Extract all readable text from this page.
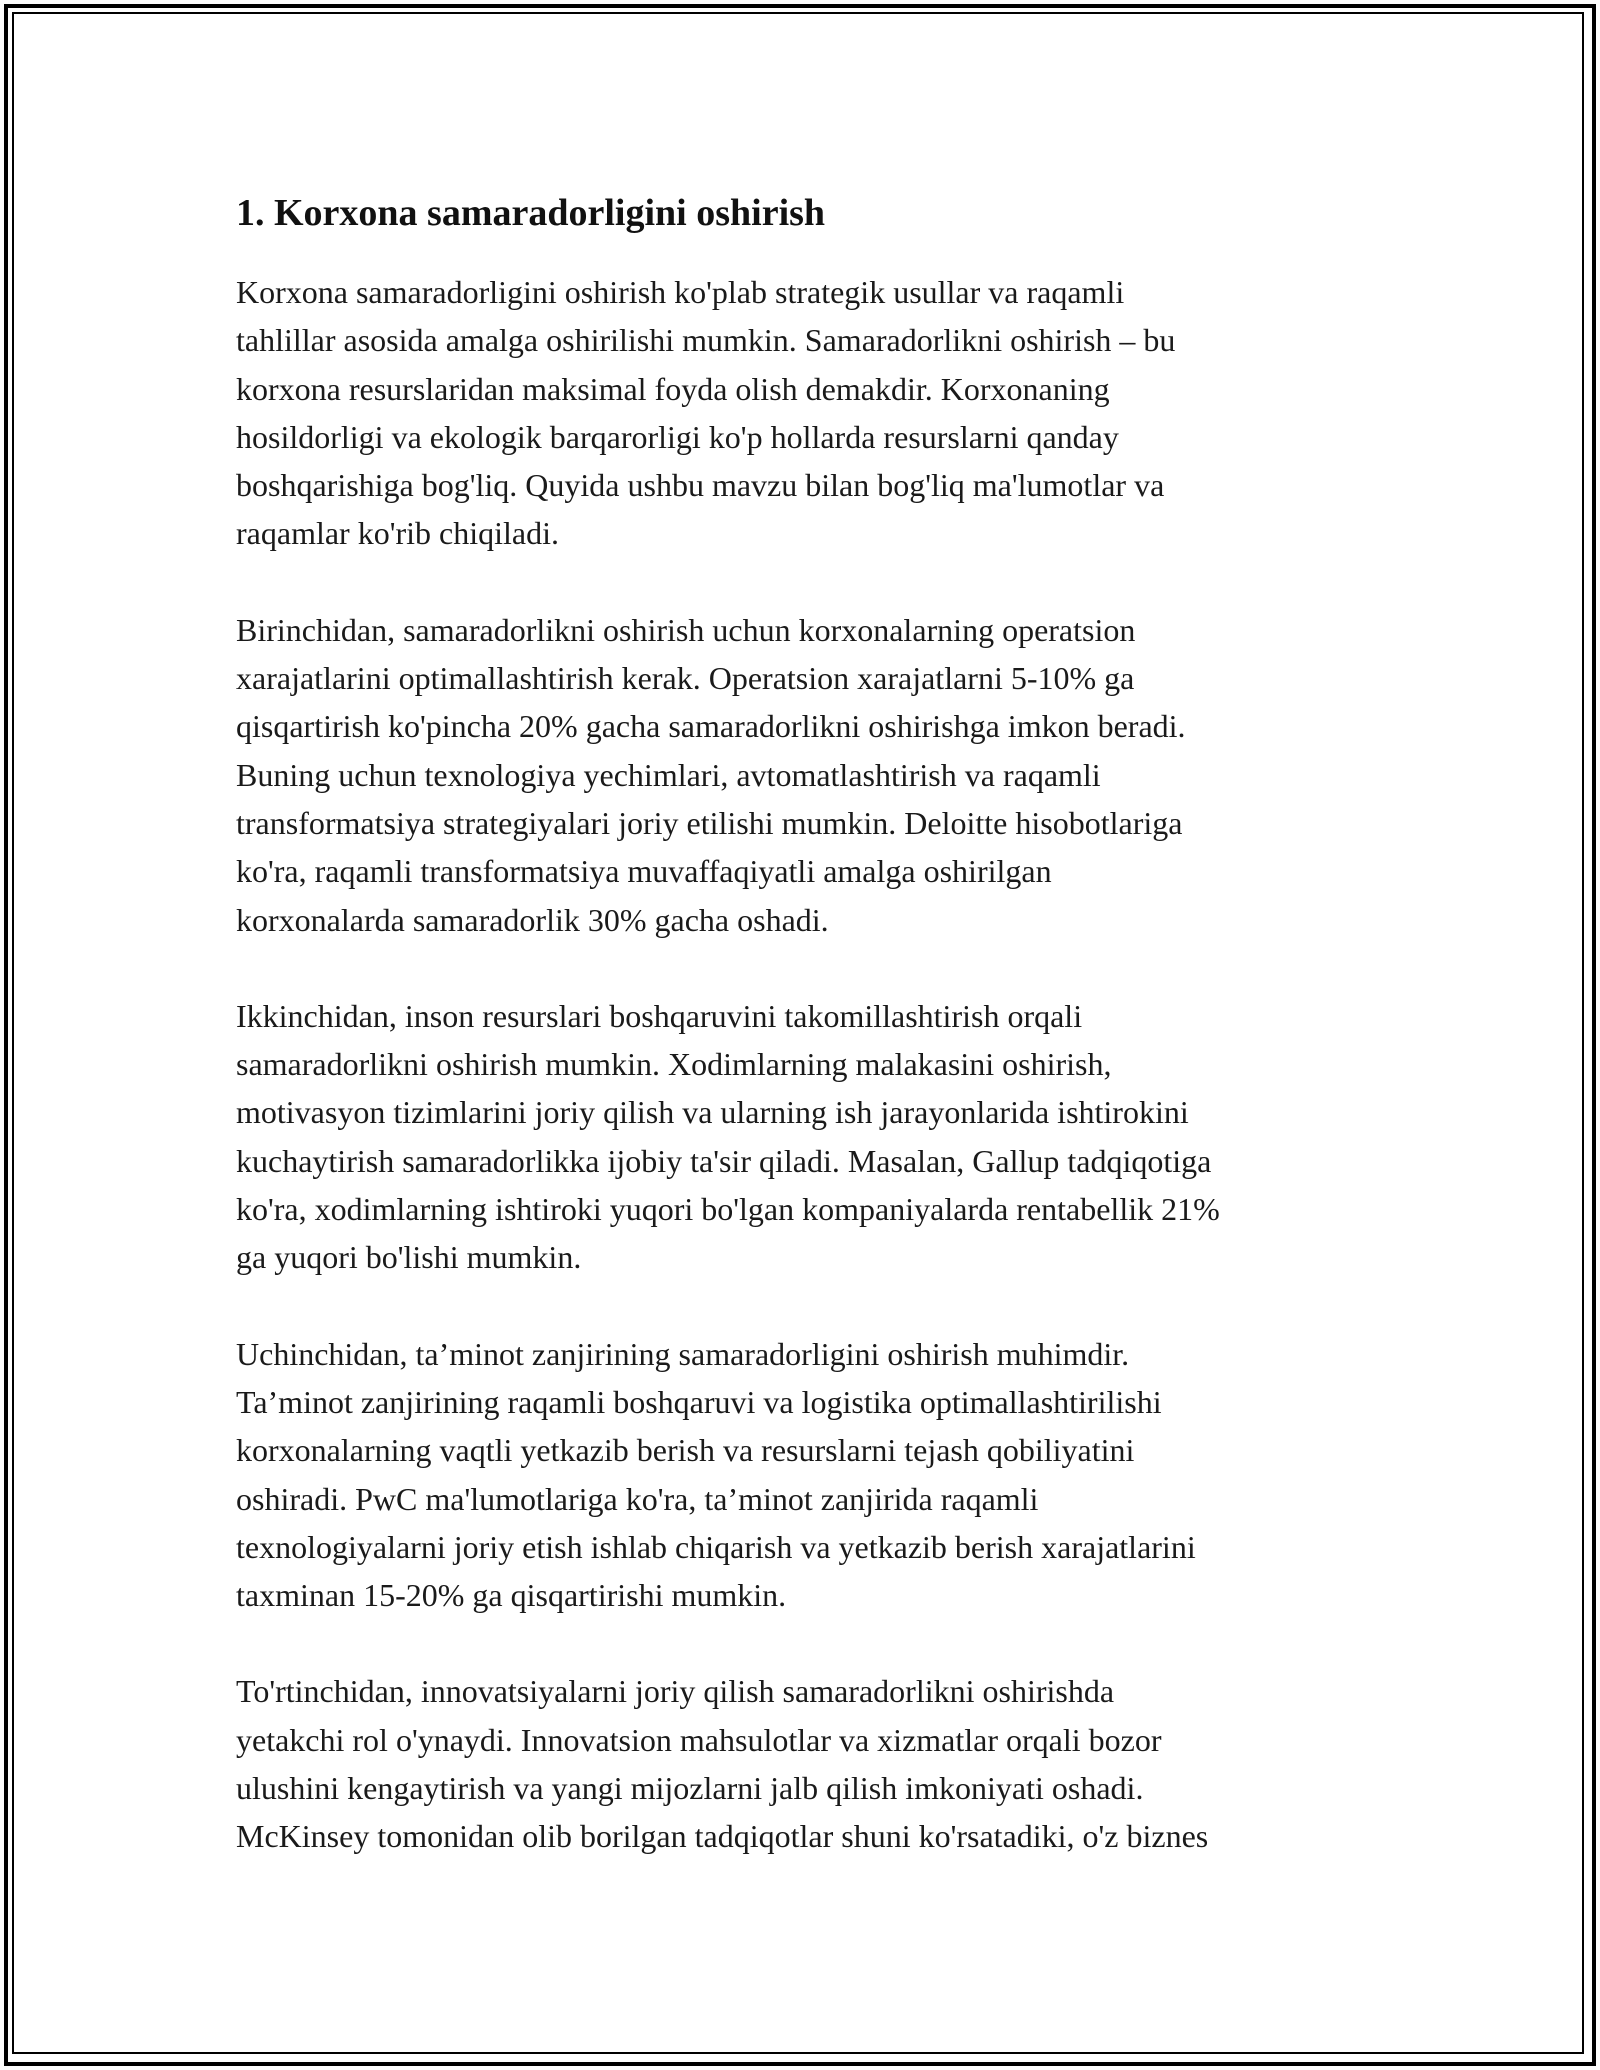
1. Korxona samaradorligini oshirish

Korxona samaradorligini oshirish ko'plab strategik usullar va raqamli
tahlillar asosida amalga oshirilishi mumkin. Samaradorlikni oshirish – bu
korxona resurslaridan maksimal foyda olish demakdir. Korxonaning
hosildorligi va ekologik barqarorligi ko'p hollarda resurslarni qanday
boshqarishiga bog'liq. Quyida ushbu mavzu bilan bog'liq ma'lumotlar va
raqamlar ko'rib chiqiladi.

Birinchidan, samaradorlikni oshirish uchun korxonalarning operatsion
xarajatlarini optimallashtirish kerak. Operatsion xarajatlarni 5-10% ga
qisqartirish ko'pincha 20% gacha samaradorlikni oshirishga imkon beradi.
Buning uchun texnologiya yechimlari, avtomatlashtirish va raqamli
transformatsiya strategiyalari joriy etilishi mumkin. Deloitte hisobotlariga
ko'ra, raqamli transformatsiya muvaffaqiyatli amalga oshirilgan
korxonalarda samaradorlik 30% gacha oshadi.

Ikkinchidan, inson resurslari boshqaruvini takomillashtirish orqali
samaradorlikni oshirish mumkin. Xodimlarning malakasini oshirish,
motivasyon tizimlarini joriy qilish va ularning ish jarayonlarida ishtirokini
kuchaytirish samaradorlikka ijobiy ta'sir qiladi. Masalan, Gallup tadqiqotiga
ko'ra, xodimlarning ishtiroki yuqori bo'lgan kompaniyalarda rentabellik 21%
ga yuqori bo'lishi mumkin.

Uchinchidan, ta’minot zanjirining samaradorligini oshirish muhimdir.
Ta’minot zanjirining raqamli boshqaruvi va logistika optimallashtirilishi
korxonalarning vaqtli yetkazib berish va resurslarni tejash qobiliyatini
oshiradi. PwC ma'lumotlariga ko'ra, ta’minot zanjirida raqamli
texnologiyalarni joriy etish ishlab chiqarish va yetkazib berish xarajatlarini
taxminan 15-20% ga qisqartirishi mumkin.

To'rtinchidan, innovatsiyalarni joriy qilish samaradorlikni oshirishda
yetakchi rol o'ynaydi. Innovatsion mahsulotlar va xizmatlar orqali bozor
ulushini kengaytirish va yangi mijozlarni jalb qilish imkoniyati oshadi.
McKinsey tomonidan olib borilgan tadqiqotlar shuni ko'rsatadiki, o'z biznes
